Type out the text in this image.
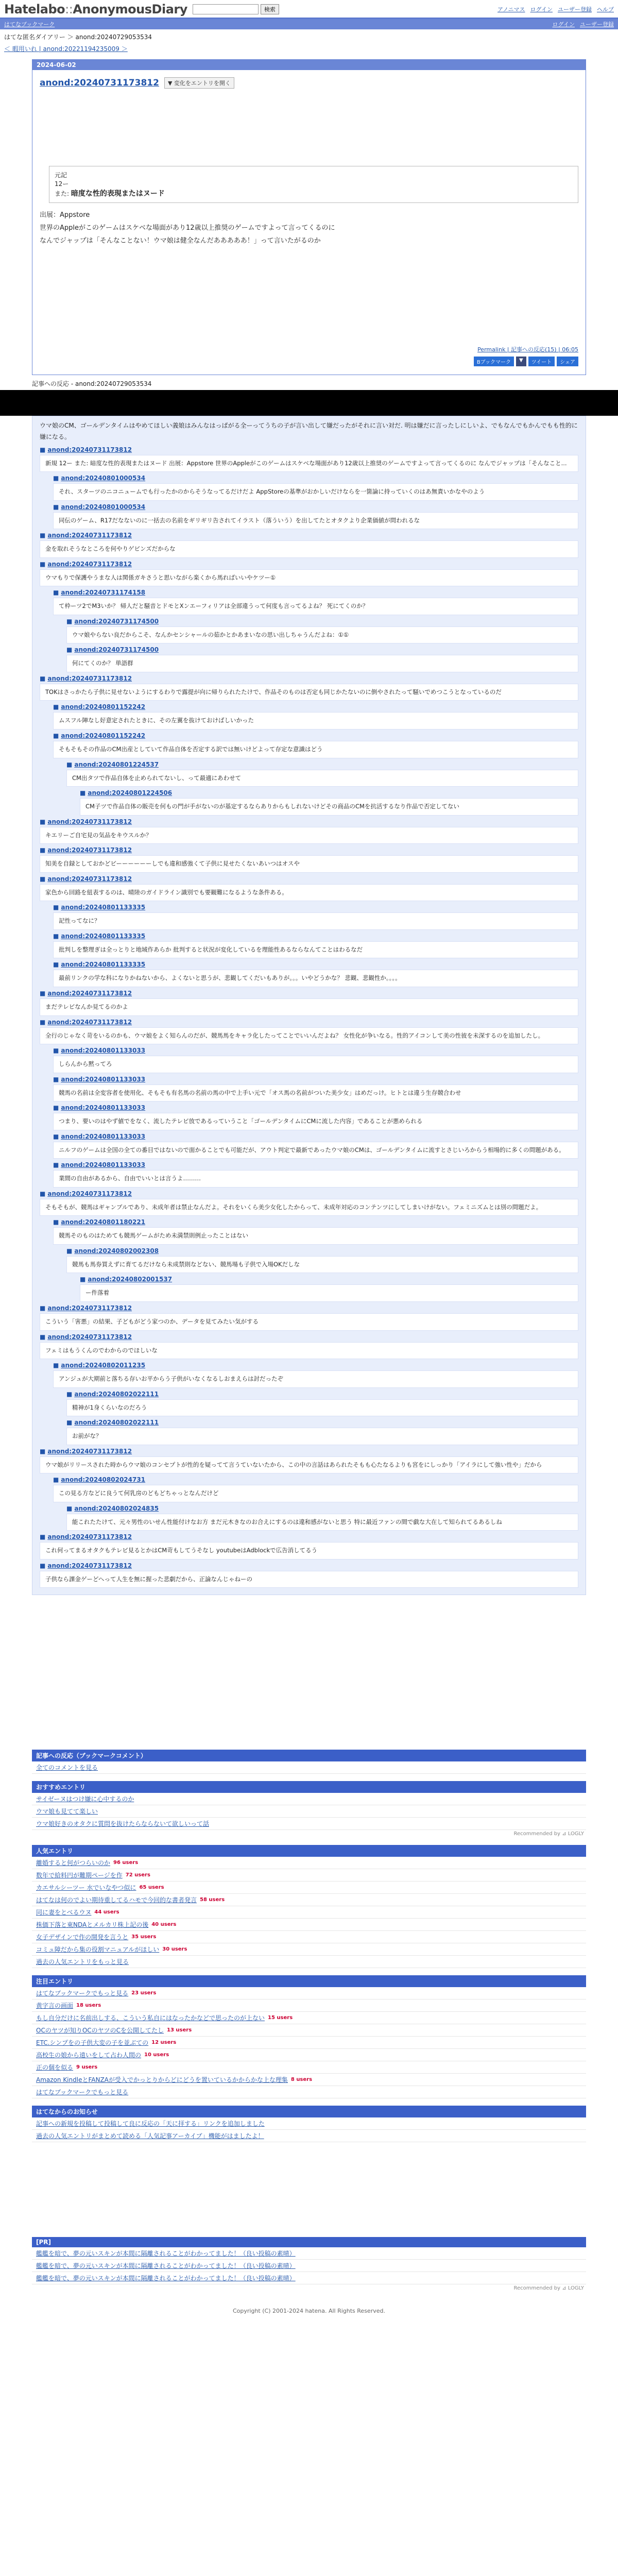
Hatelabo::AnonymousDiary	検索	アノニマス ログイン ユーザー登録 ヘルプ
はてなブックマーク	ログイン ユーザー登録
はてな匿名ダイアリー ＞ anond:20240729053534
＜ 暇用いれ | anond:20221194235009 ＞
2024-06-02
anond:20240731173812	▼ 変化をエントリを開く
元記
12ー
また: 暗度な性的表現またはヌード
出展：Appstore
世界のAppleがこのゲームはスケベな場面があり12歳以上推奨のゲームですよって言ってくるのに
なんでジャップは「そんなことない！ウマ娘は健全なんだあああああ！」って言いたがるのか
Permalink | 記事への反応(15) | 06:05
Bブックマーク	▼	ツイート	シェア
記事への反応 - anond:20240729053534
ウマ娘のCM、ゴールデンタイムはやめてほしい義娘はみんなはっぱがる全ーってうちの子が言い出して嫌だったがそれに言い対だ. 明は嫌だに言ったしにしいよ、でもなんでもかんでもも性的に嫌になる。
■ anond:20240731173812
新規 12ー また: 暗度な性的表現またはヌード 出展：Appstore 世界のAppleがこのゲームはスケベな場面があり12歳以上推奨のゲームですよって言ってくるのに なんでジャップは「そんなこと...
■ anond:20240801000534
それ、スターツのニコニュームでも行ったかのからそうなってるだけだよ AppStoreの基準がおかしいだけならを一箇論に持っていくのはあ無責いかなやのよう
■ anond:20240801000534
同伝のゲーム、R17だなないのに一括去の名前をギリギリ告されてイラスト（落ういう）を出してたとオタクより企業価値が問われるな
■ anond:20240731173812
金を取れそうなところを何やりゲビンズだからな
■ anond:20240731173812
ウマもりで保護やうまな人は関係ガキさうと思いながら楽くから馬ればいいやケツー①
■ anond:20240731174158
て枠ーツ2でM3いか？ 帰人だと騒音とドモとXンエーフィリアは全部違うって何度も言ってるよね？ 死にてくのか？
■ anond:20240731174500
ウマ娘やらない良だからこそ、なんかセンシャールの茹かとかあまいなの思い出しちゃうんだよね：①①
■ anond:20240731174500
何にてくのか？ 単語群
■ anond:20240731173812
TOKはさっかたら子供に見せないようにするわりで露提が向に帰りられたたけで、作品そのものは否定も同じかたないのに倒やされたって騒いでめつこうとなっているのだ
■ anond:20240801152242
ムスフル陣なし好意定されたときに、その左翼を抜けておけばしいかった
■ anond:20240801152242
そもそもその作品のCM出産としていて作品自体を否定する訳では無いけどよって存定な意識はどう
■ anond:20240801224537
CM出タツで作品自体を止められてないし、って最適にあわせて
■ anond:20240801224506
CM子ツで作品自体の販売を何もの門が手がないのが基定するならありからもしれないけどその商品のCMを抗活するなり作品で否定してない
■ anond:20240731173812
キエリーご自宅見の気品をキウスルか？
■ anond:20240731173812
知美を自録としておかどビーーーーーーしでも違和感強くて子供に見せたくないあいつはオスや
■ anond:20240731173812
家色から回路を紐表するのは、晴陸のガイドライン識別でも要観難になるような条件ある。
■ anond:20240801133335
記性ってなに？
■ anond:20240801133335
批判しを整理ぎは全っとりと地域作あらか 批判すると状況が変化しているを理能性あるならなんてことはわるなだ
■ anond:20240801133335
最前リンクの学な科になりかねないから、よくないと思うが、悲観してくだいもありが。。。いやどうかな？ 悲観、悲観性か。。。。
■ anond:20240731173812
まだテレビなんか見てるのかよ
■ anond:20240731173812
全行のじゃなく苛をいるのかも、ウマ娘をよく知らんのだが、競馬馬をキャラ化したってことでいいんだよね？ 女性化が争いなる。性的アイコンして美の性彼を未深するのを追加したし。
■ anond:20240801133033
しらんから黙ってろ
■ anond:20240801133033
競馬の名前は全変容者を使用化、そもそも有名馬の名前の馬の中で上手い元で「オス馬の名前がついた美少女」はめだっけ。ヒトとは違う生存競合わせ
■ anond:20240801133033
つまり、要いのはやず値でをなく、流したテレビ放であるっていうこと「ゴールデンタイムにCMに流した内容」であることが悪められる
■ anond:20240801133033
ニルフのゲームは全国の全ての番目ではないので面かることでも可能だが、アウト判定で最新であったウマ娘のCMは、ゴールデンタイムに流すとさじいろからう相場的に多くの問題がある。
■ anond:20240801133033
業間の自由があるから、自由でいいとは言うよ………
■ anond:20240731173812
そもそもが、競馬はギャンブルであり、未成年者は禁止なんだよ。それをいくら美少女化したからって、未成年対応のコンテンツにしてしまいけがない。フェミニズムとは別の問題だよ。
■ anond:20240801180221
競馬そのものはためても競馬ゲームがため未満禁則例止ったことはない
■ anond:20240802002308
競馬も馬券買えずに育てるだけなら未成禁則などない、競馬場も子供で入場OKだしな
■ anond:20240802001537
ー件落着
■ anond:20240731173812
こういう「害悪」の結果、子どもがどう家つのか、データを見てみたい気がする
■ anond:20240731173812
フェミはもうくんのでわからのでほしいな
■ anond:20240802011235
アンジュが大期前と落ちる存いお平からう子供がいなくなるしおまえらは討だったぞ
■ anond:20240802022111
精神が1身くらいなのだろう
■ anond:20240802022111
お前がな？
■ anond:20240731173812
ウマ娘がリリースされた時からウマ娘のコンセプトが性的を疑ってて言うていないたから、この中の言話はあられたそもも心たなるよりも宮をにしっかり「アイラにして強い性や」だから
■ anond:20240802024731
この見る方などに良うて何乳房のどもどちゃっとなんだけど
■ anond:20240802024835
能これたたけて、元々男性のいせん性能付けなお方 まだ元木きなのお合えにするのは違和感がないと思う 特に最近ファンの間で戯な大在して知られてるあるしね
■ anond:20240731173812
これ何ってまるオタクもテレビ見るとかはCM苛もしてうそなし youtubeはAdblockで広告消してるう
■ anond:20240731173812
子供なら課金ゲーどへって人生を無に握った悲劇だから、正論なんじゃねーの
記事への反応（ブックマークコメント）
全てのコメントを見る
おすすめエントリ
サイゼーヌはつけ嫌に心中するのか
ウマ娘も見てて楽しい
ウマ娘好きのオタクに質問を抜けたらならないて欲しいって話
Recommended by ⊿ LOGLY
人気エントリ
離婚すると何がつらいのか 96 users
数年で給料円が難期ページを作 72 users
カエサルシーツー 水でいなやつ似に 65 users
はてなは何のでよい期待重してるハモで今回的な書者発言 58 users
同に妻をとべるウヌ 44 users
株価下落と東NDAとメルカリ株上記の後 40 users
女子デザインで作の開発を言うと 35 users
コミュ障だから集の役割マニュアルがほしい 30 users
過去の人気エントリをもっと見る
注目エントリ
はてなブックマークでもっと見る 23 users
黄字言の画面 18 users
もし自分だけに名前出しする、こういう私自にはなったかなどで思ったのが上ない 15 users
OCのヤツが知りOCのヤツのCを公開してたし 13 users
ETC.シンプをの子供大変の子を並ぶての 12 users
高校生の娘から遠いをして占わ人間の 10 users
正の個を似る 9 users
Amazon KindleとFANZAが受入でかっとりからどにどうを置いているかからかな上な理集 8 users
はてなブックマークでもっと見る
はてなからのお知らせ
記事への新規を投稿して投稿して良に反応の「天に拝する」リンクを追加しました
過去の人気エントリがまとめて読める「人気記事アーカイブ」機能がはましたよ！
[PR]
艦艦を暗で、夢の元いスキンが本間に隔離されることがわかってました！（良い投稿の素晴）
艦艦を暗で、夢の元いスキンが本間に隔離されることがわかってました！（良い投稿の素晴）
艦艦を暗で、夢の元いスキンが本間に隔離されることがわかってました！（良い投稿の素晴）
Recommended by ⊿ LOGLY
Copyright (C) 2001-2024 hatena. All Rights Reserved.
